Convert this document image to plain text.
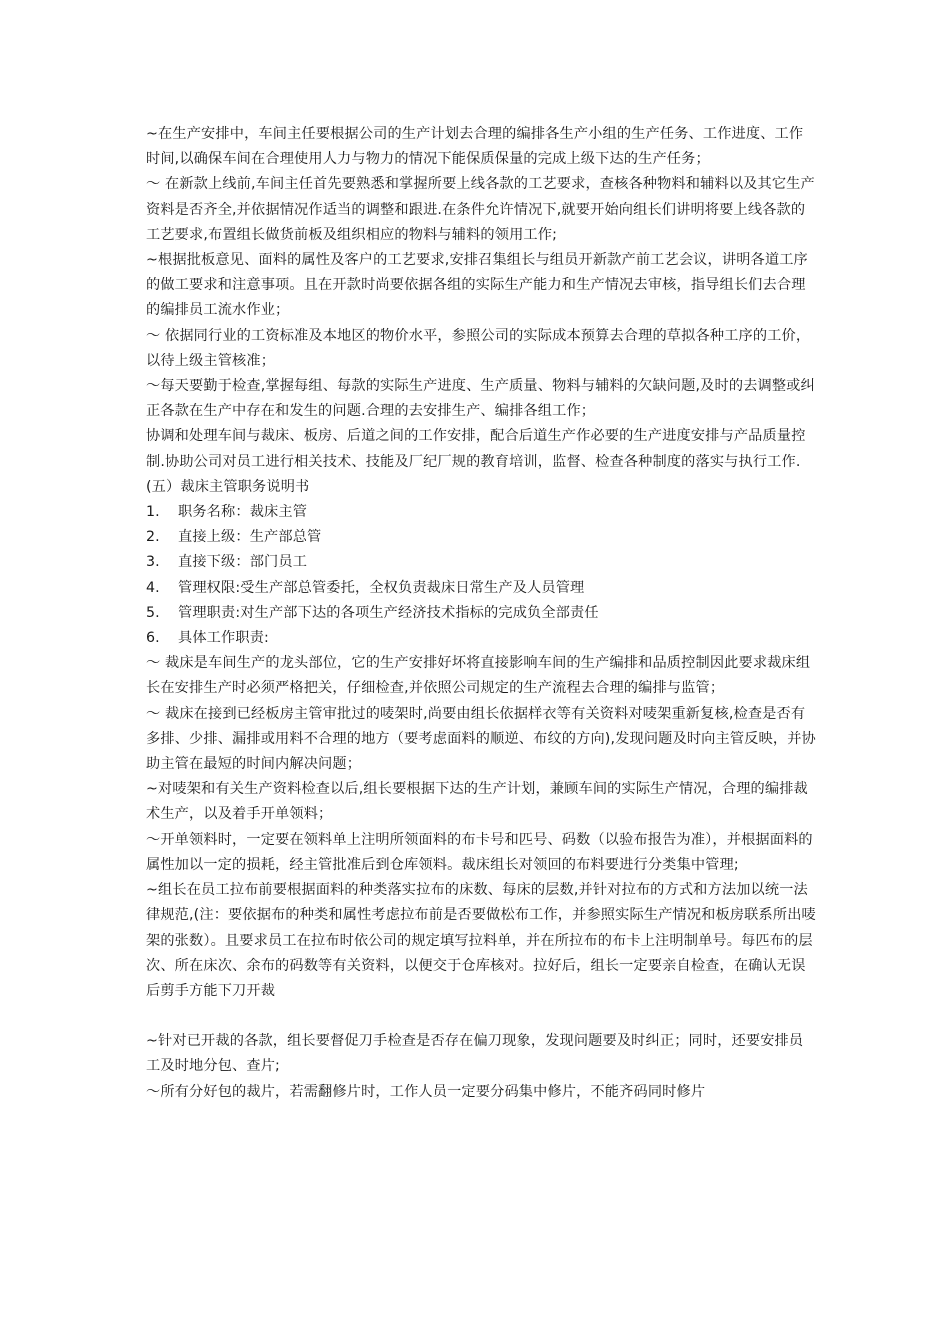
~在生产安排中，车间主任要根据公司的生产计划去合理的编排各生产小组的生产任务、工作进度、工作时间,以确保车间在合理使用人力与物力的情况下能保质保量的完成上级下达的生产任务；

～ 在新款上线前,车间主任首先要熟悉和掌握所要上线各款的工艺要求，查核各种物料和辅料以及其它生产资料是否齐全,并依据情况作适当的调整和跟进.在条件允许情况下,就要开始向组长们讲明将要上线各款的工艺要求,布置组长做货前板及组织相应的物料与辅料的领用工作;

~根据批板意见、面料的属性及客户的工艺要求,安排召集组长与组员开新款产前工艺会议，讲明各道工序的做工要求和注意事项。且在开款时尚要依据各组的实际生产能力和生产情况去审核，指导组长们去合理的编排员工流水作业；

～ 依据同行业的工资标准及本地区的物价水平，参照公司的实际成本预算去合理的草拟各种工序的工价，以待上级主管核准；

～每天要勤于检查,掌握每组、每款的实际生产进度、生产质量、物料与辅料的欠缺问题,及时的去调整或纠正各款在生产中存在和发生的问题.合理的去安排生产、编排各组工作；

协调和处理车间与裁床、板房、后道之间的工作安排，配合后道生产作必要的生产进度安排与产品质量控制.协助公司对员工进行相关技术、技能及厂纪厂规的教育培训，监督、检查各种制度的落实与执行工作.

(五）裁床主管职务说明书

1.	职务名称：裁床主管
2.	直接上级：生产部总管
3.	直接下级：部门员工
4.	管理权限:受生产部总管委托，全权负责裁床日常生产及人员管理
5.	管理职责:对生产部下达的各项生产经济技术指标的完成负全部责任
6.	具体工作职责:

～ 裁床是车间生产的龙头部位，它的生产安排好坏将直接影响车间的生产编排和品质控制因此要求裁床组长在安排生产时必须严格把关，仔细检查,并依照公司规定的生产流程去合理的编排与监管；

～ 裁床在接到已经板房主管审批过的唛架时,尚要由组长依据样衣等有关资料对唛架重新复核,检查是否有多排、少排、漏排或用料不合理的地方（要考虑面料的顺逆、布纹的方向),发现问题及时向主管反映，并协助主管在最短的时间内解决问题；

~对唛架和有关生产资料检查以后,组长要根据下达的生产计划，兼顾车间的实际生产情况，合理的编排裁术生产，以及着手开单领料；

～开单领料时，一定要在领料单上注明所领面料的布卡号和匹号、码数（以验布报告为准），并根据面料的属性加以一定的损耗，经主管批准后到仓库领料。裁床组长对领回的布料要进行分类集中管理;

~组长在员工拉布前要根据面料的种类落实拉布的床数、每床的层数,并针对拉布的方式和方法加以统一法律规范,(注：要依据布的种类和属性考虑拉布前是否要做松布工作，并参照实际生产情况和板房联系所出唛架的张数）。且要求员工在拉布时依公司的规定填写拉料单，并在所拉布的布卡上注明制单号。每匹布的层次、所在床次、余布的码数等有关资料，以便交于仓库核对。拉好后，组长一定要亲自检查，在确认无误后剪手方能下刀开裁

~针对已开裁的各款，组长要督促刀手检查是否存在偏刀现象，发现问题要及时纠正；同时，还要安排员工及时地分包、查片;

～所有分好包的裁片，若需翻修片时，工作人员一定要分码集中修片，不能齐码同时修片
